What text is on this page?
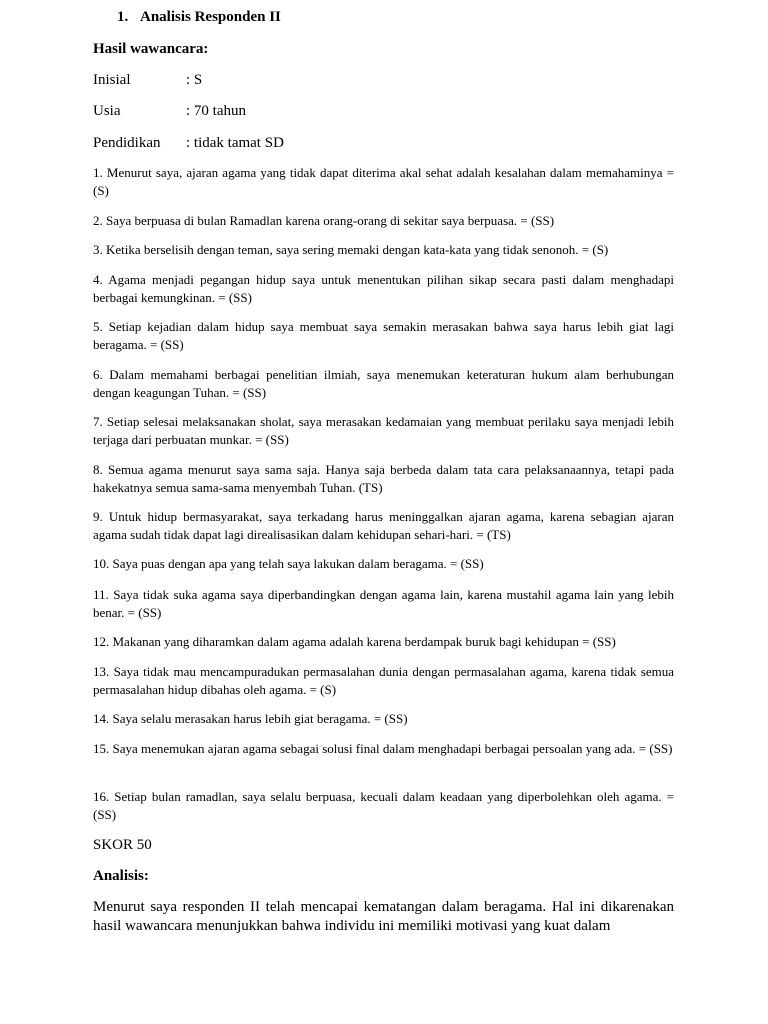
1. Analisis Responden II
Hasil wawancara:
Inisial	: S
Usia	: 70 tahun
Pendidikan : tidak tamat SD

1. Menurut saya, ajaran agama yang tidak dapat diterima akal sehat adalah kesalahan dalam memahaminya = (S)

2. Saya berpuasa di bulan Ramadlan karena orang-orang di sekitar saya berpuasa. = (SS)

3. Ketika berselisih dengan teman, saya sering memaki dengan kata-kata yang tidak senonoh. = (S)

4. Agama menjadi pegangan hidup saya untuk menentukan pilihan sikap secara pasti dalam menghadapi berbagai kemungkinan. = (SS)

5. Setiap kejadian dalam hidup saya membuat saya semakin merasakan bahwa saya harus lebih giat lagi beragama. = (SS)

6. Dalam memahami berbagai penelitian ilmiah, saya menemukan keteraturan hukum alam berhubungan dengan keagungan Tuhan. = (SS)

7. Setiap selesai melaksanakan sholat, saya merasakan kedamaian yang membuat perilaku saya menjadi lebih terjaga dari perbuatan munkar. = (SS)

8. Semua agama menurut saya sama saja. Hanya saja berbeda dalam tata cara pelaksanaannya, tetapi pada hakekatnya semua sama-sama menyembah Tuhan. (TS)

9. Untuk hidup bermasyarakat, saya terkadang harus meninggalkan ajaran agama, karena sebagian ajaran agama sudah tidak dapat lagi direalisasikan dalam kehidupan sehari-hari. = (TS)

10. Saya puas dengan apa yang telah saya lakukan dalam beragama. = (SS)

11. Saya tidak suka agama saya diperbandingkan dengan agama lain, karena mustahil agama lain yang lebih benar. = (SS)

12. Makanan yang diharamkan dalam agama adalah karena berdampak buruk bagi kehidupan = (SS)

13. Saya tidak mau mencampuradukan permasalahan dunia dengan permasalahan agama, karena tidak semua permasalahan hidup dibahas oleh agama. = (S)

14. Saya selalu merasakan harus lebih giat beragama. = (SS)

15. Saya menemukan ajaran agama sebagai solusi final dalam menghadapi berbagai persoalan yang ada. = (SS)

16. Setiap bulan ramadlan, saya selalu berpuasa, kecuali dalam keadaan yang diperbolehkan oleh agama. = (SS)

SKOR 50
Analisis:

Menurut saya responden II telah mencapai kematangan dalam beragama. Hal ini dikarenakan hasil wawancara menunjukkan bahwa individu ini memiliki motivasi yang kuat dalam
